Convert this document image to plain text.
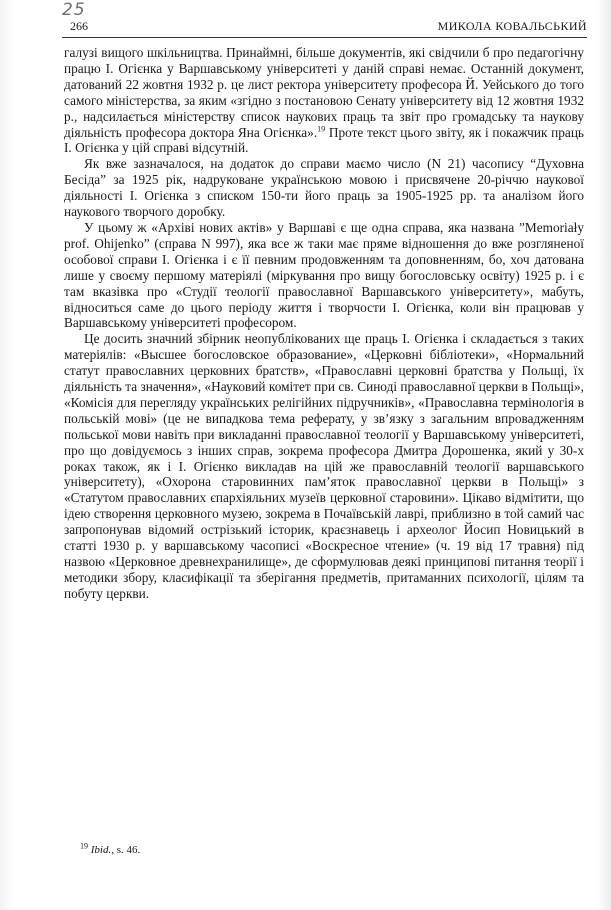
25
266	МИКОЛА КОВАЛЬСЬКИЙ

галузі вищого шкільництва. Принаймні, більше документів, які свідчили б про педагогічну працю І. Огієнка у Варшавському університеті у даній справі немає. Останній документ, датований 22 жовтня 1932 р. це лист ректора університету професора Й. Уейського до того самого міністерства, за яким «згідно з постановою Сенату університету від 12 жовтня 1932 р., надсилається міністерству список наукових праць та звіт про громадську та наукову діяльність професора доктора Яна Огієнка».$^{19}$ Проте текст цього звіту, як і покажчик праць І. Огієнка у цій справі відсутній.

Як вже зазначалося, на додаток до справи маємо число (N 21) часопису “Духовна Бесіда” за 1925 рік, надруковане українською мовою і присвячене 20-річчю наукової діяльності І. Огієнка з списком 150-ти його праць за 1905-1925 рр. та аналізом його наукового творчого доробку.

У цьому ж «Архіві нових актів» у Варшаві є ще одна справа, яка названа ”Memoriały prof. Ohijenko” (справа N 997), яка все ж таки має пряме відношення до вже розгляненої особової справи І. Огієнка і є її певним продовженням та доповненням, бо, хоч датована лише у своєму першому матеріялі (міркування про вищу богословську освіту) 1925 р. і є там вказівка про «Студії теології православної Варшавського університету», мабуть, відноситься саме до цього періоду життя і творчости І. Огієнка, коли він працював у Варшавському університеті професором.

Це досить значний збірник неопублікованих ще праць І. Огієнка і складається з таких матеріялів: «Высшее богословское образование», «Церковні бібліотеки», «Нормальний статут православних церковних братств», «Православні церковні братства у Польщі, їх діяльність та значення», «Науковий комітет при св. Синоді православної церкви в Польщі», «Комісія для перегляду українських релігійних підручників», «Православна термінологія в польській мові» (це не випадкова тема реферату, у зв’язку з загальним впровадженням польської мови навіть при викладанні православної теології у Варшавському університеті, про що довідуємось з інших справ, зокрема професора Дмитра Дорошенка, який у 30-х роках також, як і І. Огієнко викладав на цій же православній теології варшавського університету), «Охорона старовинних пам’яток православної церкви в Польщі» з «Статутом православних єпархіяльних музеїв церковної старовини». Цікаво відмітити, що ідею створення церковного музею, зокрема в Почаївській лаврі, приблизно в той самий час запропонував відомий острізький історик, краєзнавець і археолог Йосип Новицький в статті 1930 р. у варшавському часописі «Воскресное чтение» (ч. 19 від 17 травня) під назвою «Церковное древнехранилище», де сформулював деякі принципові питання теорії і методики збору, класифікації та зберігання предметів, притаманних психології, цілям та побуту церкви.

$^{19}$ Ibid., s. 46.
